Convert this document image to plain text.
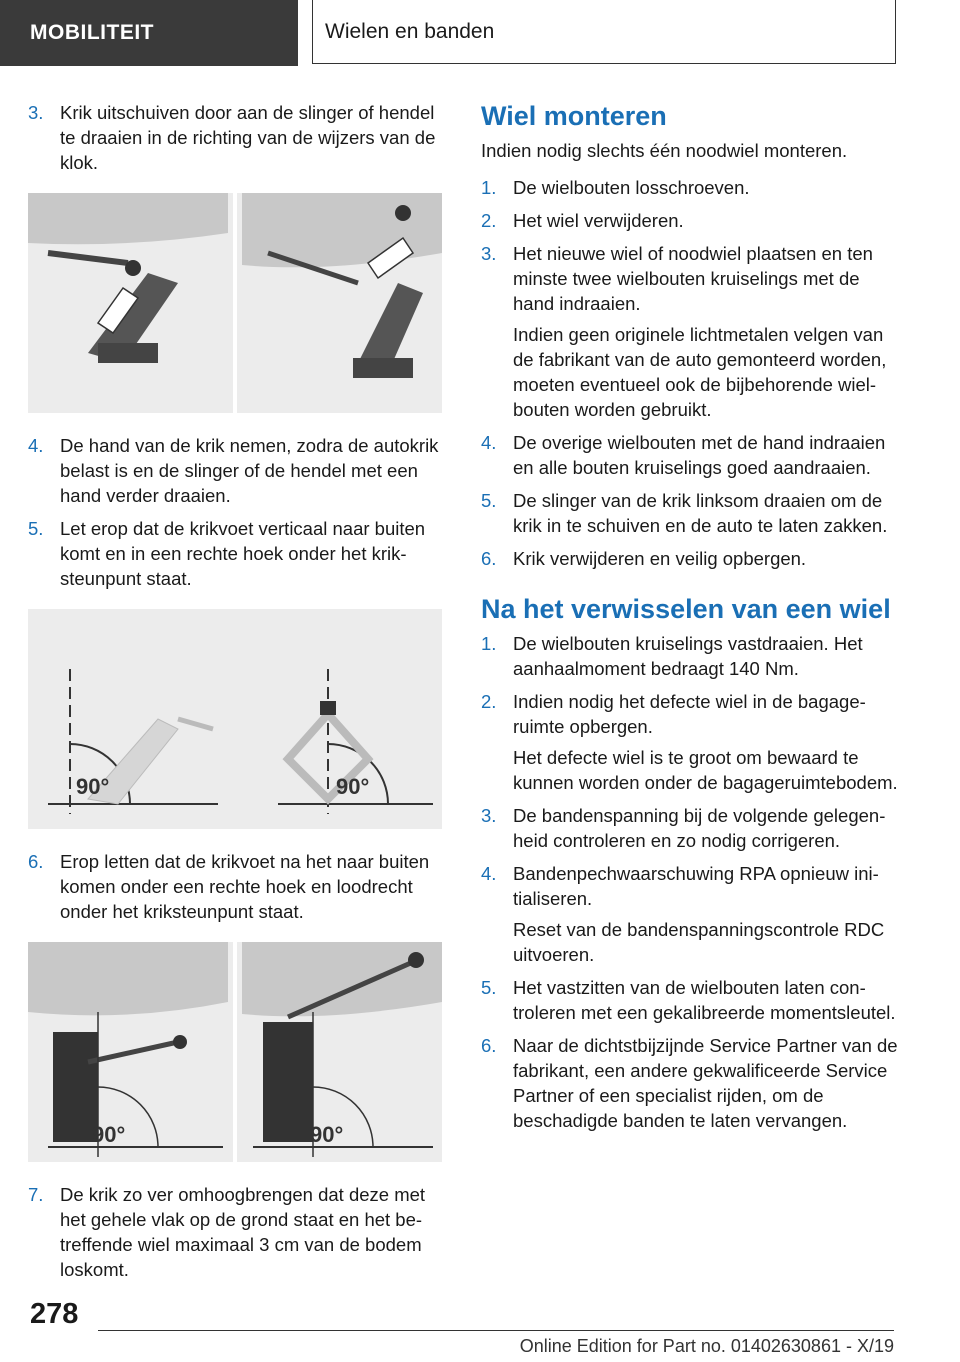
MOBILITEIT	Wielen en banden
3. Krik uitschuiven door aan de slinger of hendel te draaien in de richting van de wijzers van de klok.
4. De hand van de krik nemen, zodra de autokrik belast is en de slinger of de hendel met een hand verder draaien.
5. Let erop dat de krikvoet verticaal naar buiten komt en in een rechte hoek onder het kriksteunpunt staat.
90°	90°
6. Erop letten dat de krikvoet na het naar buiten komen onder een rechte hoek en loodrecht onder het kriksteunpunt staat.
90°	90°
7. De krik zo ver omhoogbrengen dat deze met het gehele vlak op de grond staat en het betreffende wiel maximaal 3 cm van de bodem loskomt.
Wiel monteren
Indien nodig slechts één noodwiel monteren.
1. De wielbouten losschroeven.
2. Het wiel verwijderen.
3. Het nieuwe wiel of noodwiel plaatsen en ten minste twee wielbouten kruiselings met de hand indraaien.
Indien geen originele lichtmetalen velgen van de fabrikant van de auto gemonteerd worden, moeten eventueel ook de bijbehorende wielbouten worden gebruikt.
4. De overige wielbouten met de hand indraaien en alle bouten kruiselings goed aandraaien.
5. De slinger van de krik linksom draaien om de krik in te schuiven en de auto te laten zakken.
6. Krik verwijderen en veilig opbergen.
Na het verwisselen van een wiel
1. De wielbouten kruiselings vastdraaien. Het aanhaalmoment bedraagt 140 Nm.
2. Indien nodig het defecte wiel in de bagageruimte opbergen.
Het defecte wiel is te groot om bewaard te kunnen worden onder de bagageruimtebodem.
3. De bandenspanning bij de volgende gelegenheid controleren en zo nodig corrigeren.
4. Bandenpechwaarschuwing RPA opnieuw initialiseren.
Reset van de bandenspanningscontrole RDC uitvoeren.
5. Het vastzitten van de wielbouten laten controleren met een gekalibreerde momentsleutel.
6. Naar de dichtstbijzijnde Service Partner van de fabrikant, een andere gekwalificeerde Service Partner of een specialist rijden, om de beschadigde banden te laten vervangen.
278
Online Edition for Part no. 01402630861 - X/19
